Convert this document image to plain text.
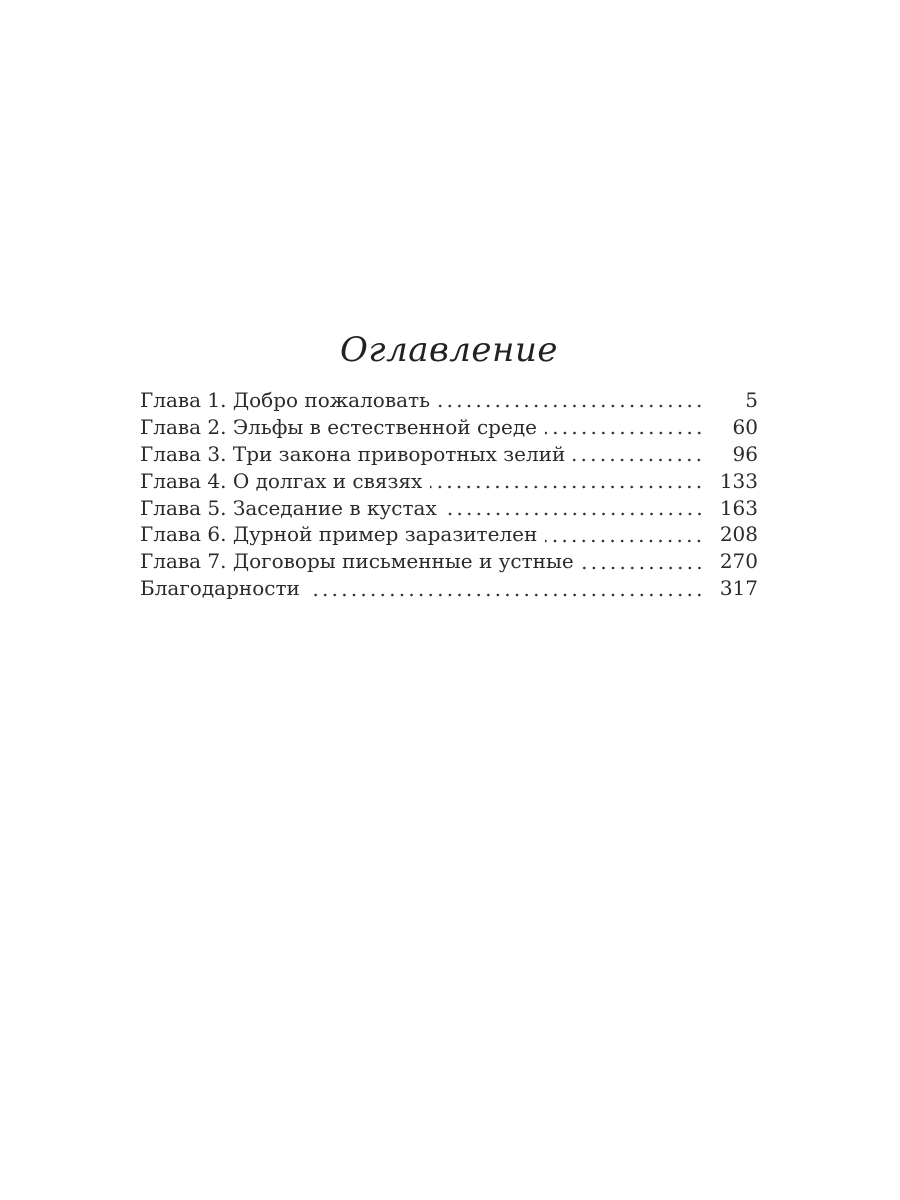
Оглавление
Глава 1. Добро пожаловать	5
Глава 2. Эльфы в естественной среде	60
Глава 3. Три закона приворотных зелий	96
Глава 4. О долгах и связях	133
Глава 5. Заседание в кустах	163
Глава 6. Дурной пример заразителен	208
Глава 7. Договоры письменные и устные	270
Благодарности	317
